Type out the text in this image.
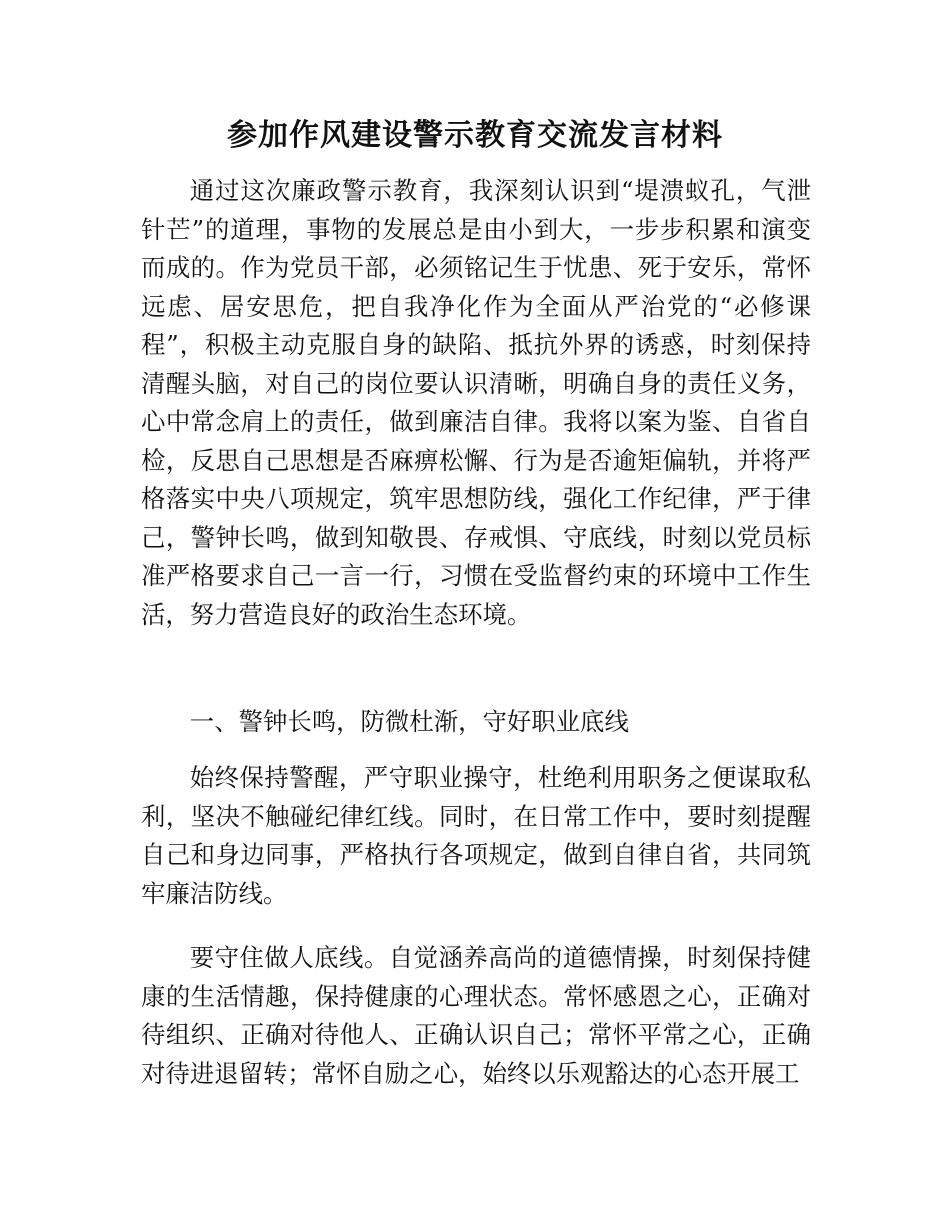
参加作风建设警示教育交流发言材料

通过这次廉政警示教育，我深刻认识到“堤溃蚁孔，气泄针芒”的道理，事物的发展总是由小到大，一步步积累和演变而成的。作为党员干部，必须铭记生于忧患、死于安乐，常怀远虑、居安思危，把自我净化作为全面从严治党的“必修课程”，积极主动克服自身的缺陷、抵抗外界的诱惑，时刻保持清醒头脑，对自己的岗位要认识清晰，明确自身的责任义务，心中常念肩上的责任，做到廉洁自律。我将以案为鉴、自省自检，反思自己思想是否麻痹松懈、行为是否逾矩偏轨，并将严格落实中央八项规定，筑牢思想防线，强化工作纪律，严于律己，警钟长鸣，做到知敬畏、存戒惧、守底线，时刻以党员标准严格要求自己一言一行，习惯在受监督约束的环境中工作生活，努力营造良好的政治生态环境。

一、警钟长鸣，防微杜渐，守好职业底线

始终保持警醒，严守职业操守，杜绝利用职务之便谋取私利，坚决不触碰纪律红线。同时，在日常工作中，要时刻提醒自己和身边同事，严格执行各项规定，做到自律自省，共同筑牢廉洁防线。

要守住做人底线。自觉涵养高尚的道德情操，时刻保持健康的生活情趣，保持健康的心理状态。常怀感恩之心，正确对待组织、正确对待他人、正确认识自己；常怀平常之心，正确对待进退留转；常怀自励之心，始终以乐观豁达的心态开展工
